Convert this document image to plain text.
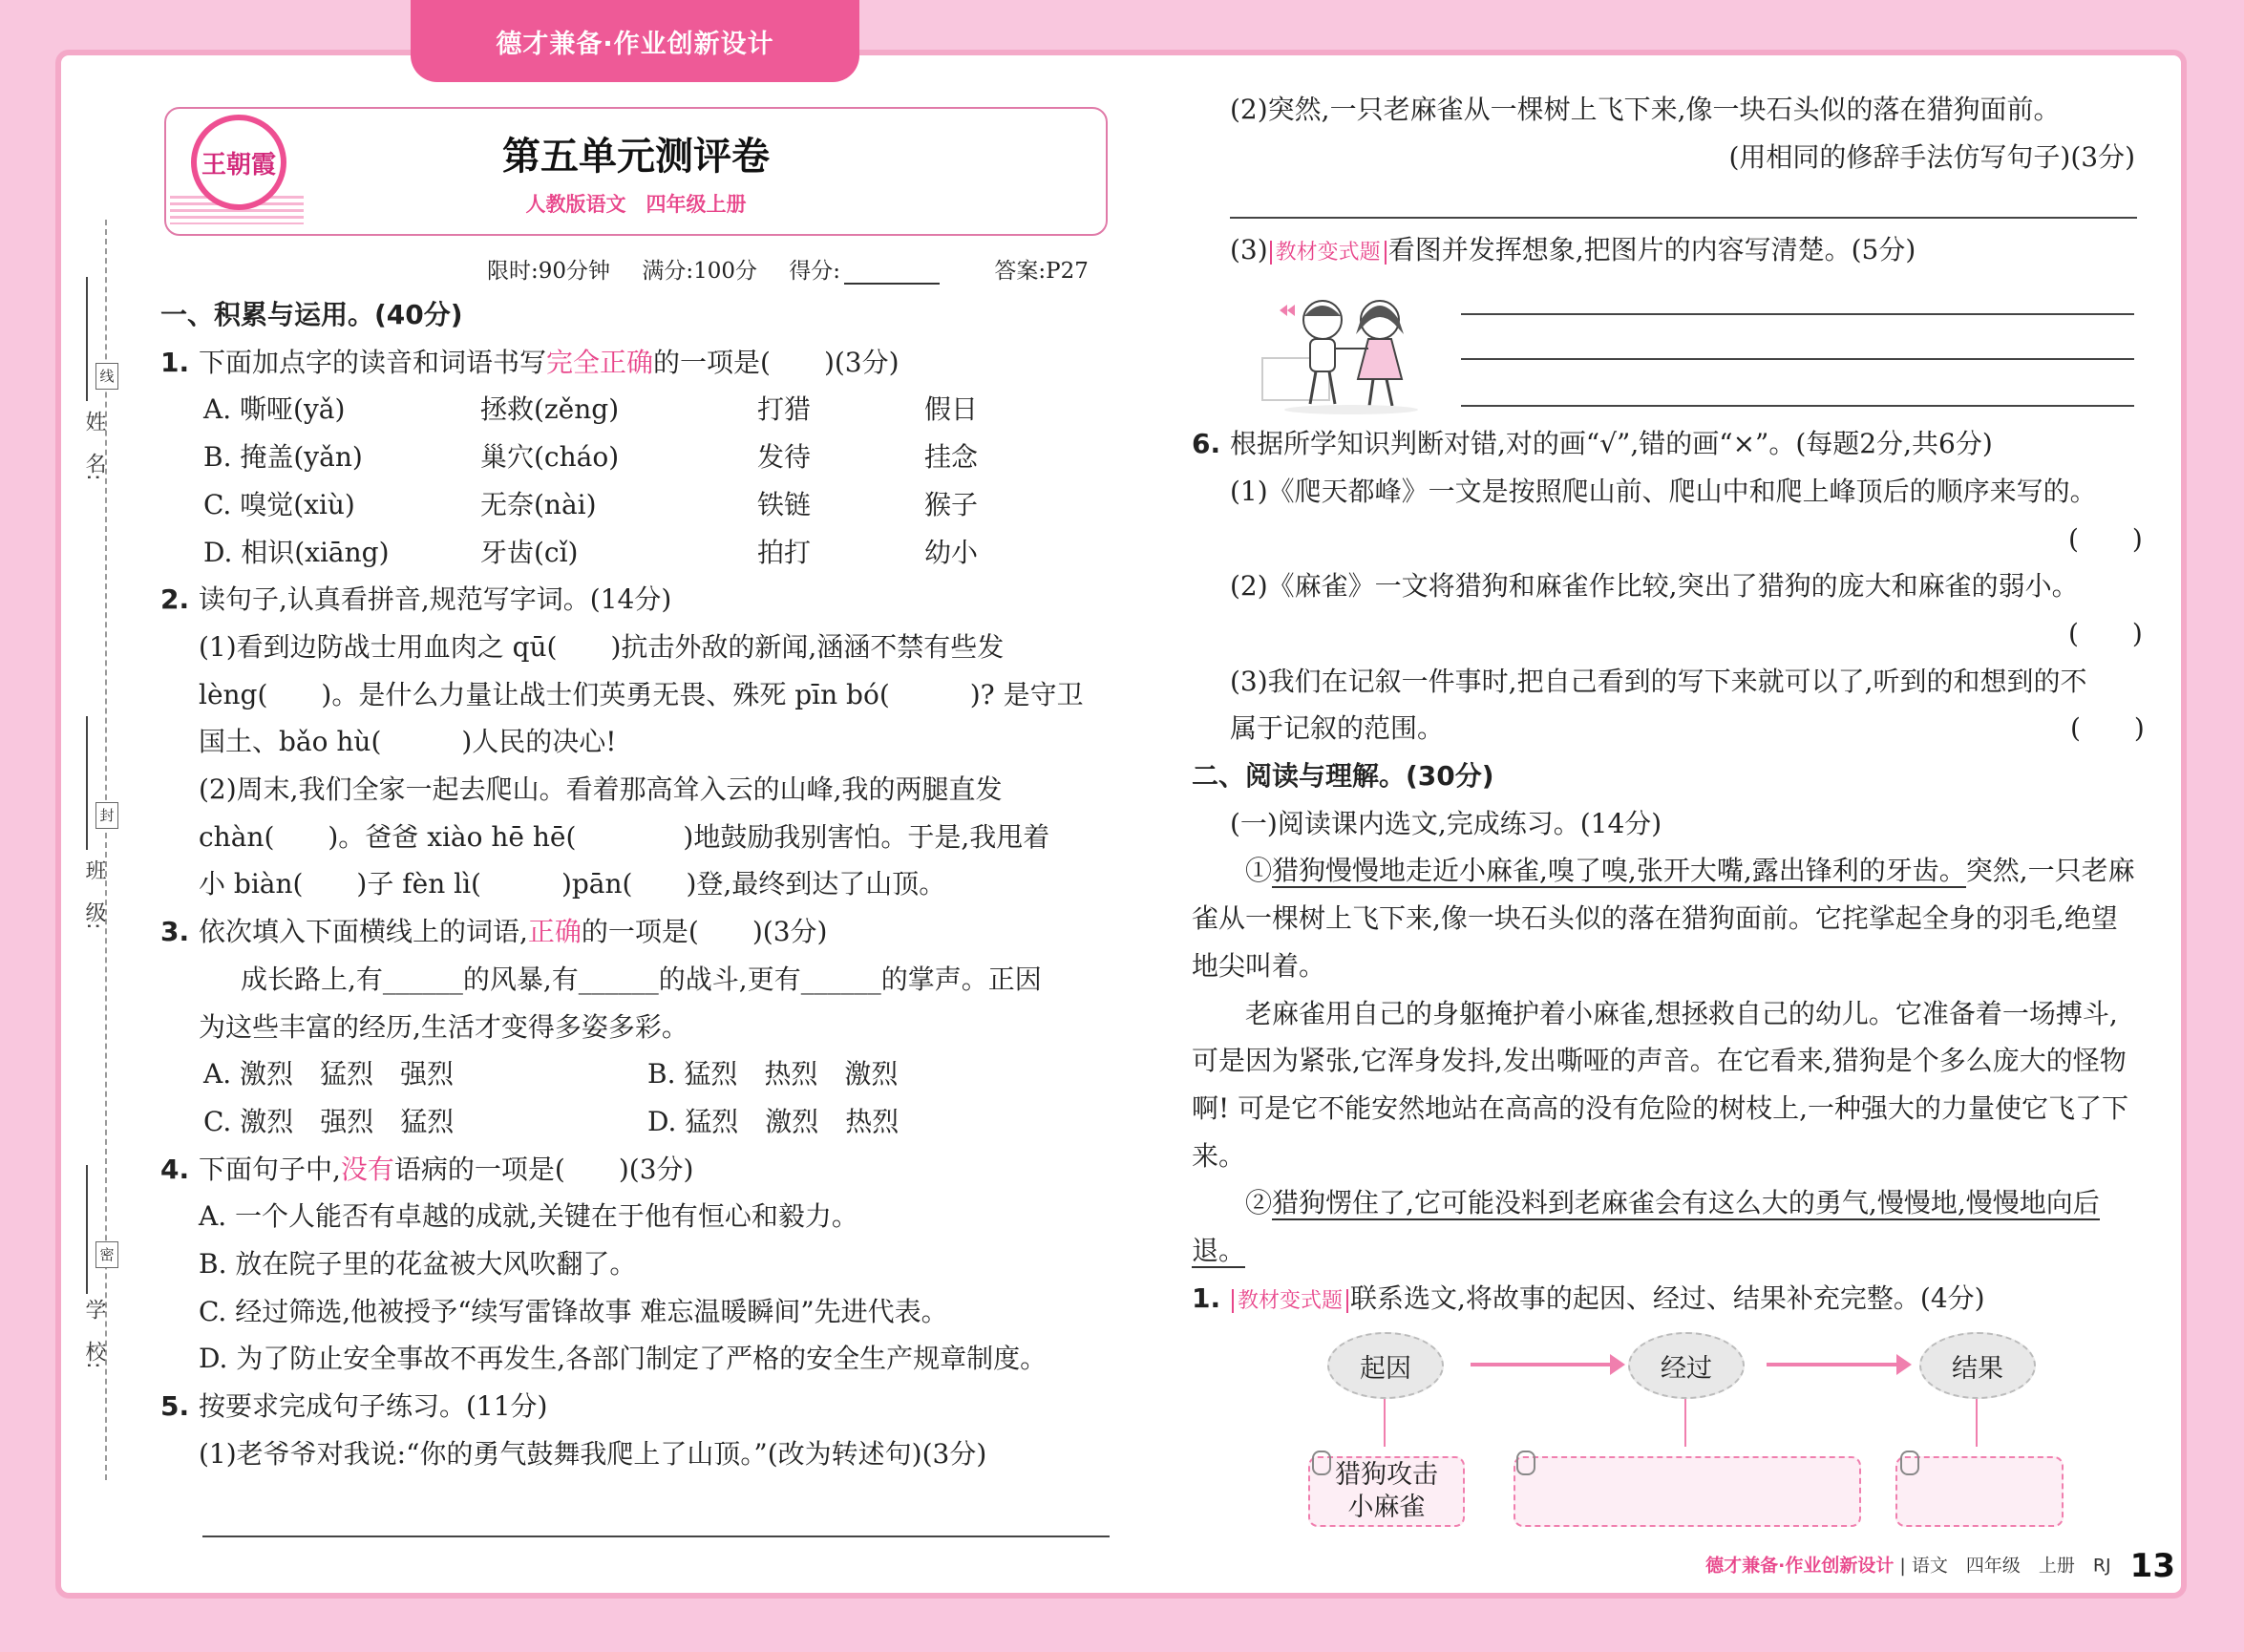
德才兼备·作业创新设计
姓　名:
班　级:
学　校:
线
封
密
第五单元测评卷
人教版语文　四年级上册
王朝霞
限时:90分钟 满分:100分 得分:	答案:P27
一、积累与运用。(40分)
1. 下面加点字的读音和词语书写完全正确的一项是(　　)(3分)
A. 嘶哑(yǎ)	拯救(zěng)	打猎	假日
B. 掩盖(yǎn)	巢穴(cháo)	发待	挂念
C. 嗅觉(xiù)	无奈(nài)	铁链	猴子
D. 相识(xiāng)	牙齿(cǐ)	拍打	幼小
2. 读句子,认真看拼音,规范写字词。(14分)
(1)看到边防战士用血肉之 qū(　　)抗击外敌的新闻,涵涵不禁有些发
lèng(　　)。是什么力量让战士们英勇无畏、殊死 pīn bó(　　　)? 是守卫
国土、bǎo hù(　　　)人民的决心!
(2)周末,我们全家一起去爬山。看着那高耸入云的山峰,我的两腿直发
chàn(　　)。爸爸 xiào hē hē(　　　　)地鼓励我别害怕。于是,我甩着
小 biàn(　　)子 fèn lì(　　　)pān(　　)登,最终到达了山顶。
3. 依次填入下面横线上的词语,正确的一项是(　　)(3分)
成长路上,有______的风暴,有______的战斗,更有______的掌声。正因
为这些丰富的经历,生活才变得多姿多彩。
A. 激烈　猛烈　强烈	B. 猛烈　热烈　激烈
C. 激烈　强烈　猛烈	D. 猛烈　激烈　热烈
4. 下面句子中,没有语病的一项是(　　)(3分)
A. 一个人能否有卓越的成就,关键在于他有恒心和毅力。
B. 放在院子里的花盆被大风吹翻了。
C. 经过筛选,他被授予“续写雷锋故事 难忘温暖瞬间”先进代表。
D. 为了防止安全事故不再发生,各部门制定了严格的安全生产规章制度。
5. 按要求完成句子练习。(11分)
(1)老爷爷对我说:“你的勇气鼓舞我爬上了山顶。”(改为转述句)(3分)
(2)突然,一只老麻雀从一棵树上飞下来,像一块石头似的落在猎狗面前。
(用相同的修辞手法仿写句子)(3分)
(3) 教材变式题 看图并发挥想象,把图片的内容写清楚。(5分)
6. 根据所学知识判断对错,对的画“√”,错的画“×”。(每题2分,共6分)
(1)《爬天都峰》一文是按照爬山前、爬山中和爬上峰顶后的顺序来写的。
(　　)
(2)《麻雀》一文将猎狗和麻雀作比较,突出了猎狗的庞大和麻雀的弱小。
(　　)
(3)我们在记叙一件事时,把自己看到的写下来就可以了,听到的和想到的不
属于记叙的范围。	(　　)
二、阅读与理解。(30分)
(一)阅读课内选文,完成练习。(14分)
①猎狗慢慢地走近小麻雀,嗅了嗅,张开大嘴,露出锋利的牙齿。突然,一只老麻雀从一棵树上飞下来,像一块石头似的落在猎狗面前。它挓挲起全身的羽毛,绝望地尖叫着。
老麻雀用自己的身躯掩护着小麻雀,想拯救自己的幼儿。它准备着一场搏斗,可是因为紧张,它浑身发抖,发出嘶哑的声音。在它看来,猎狗是个多么庞大的怪物啊! 可是它不能安然地站在高高的没有危险的树枝上,一种强大的力量使它飞了下来。
②猎狗愣住了,它可能没料到老麻雀会有这么大的勇气,慢慢地,慢慢地向后退。
1. 教材变式题 联系选文,将故事的起因、经过、结果补充完整。(4分)
起因	经过	结果
猎狗攻击
小麻雀
德才兼备·作业创新设计 | 语文　四年级　上册　RJ 13
